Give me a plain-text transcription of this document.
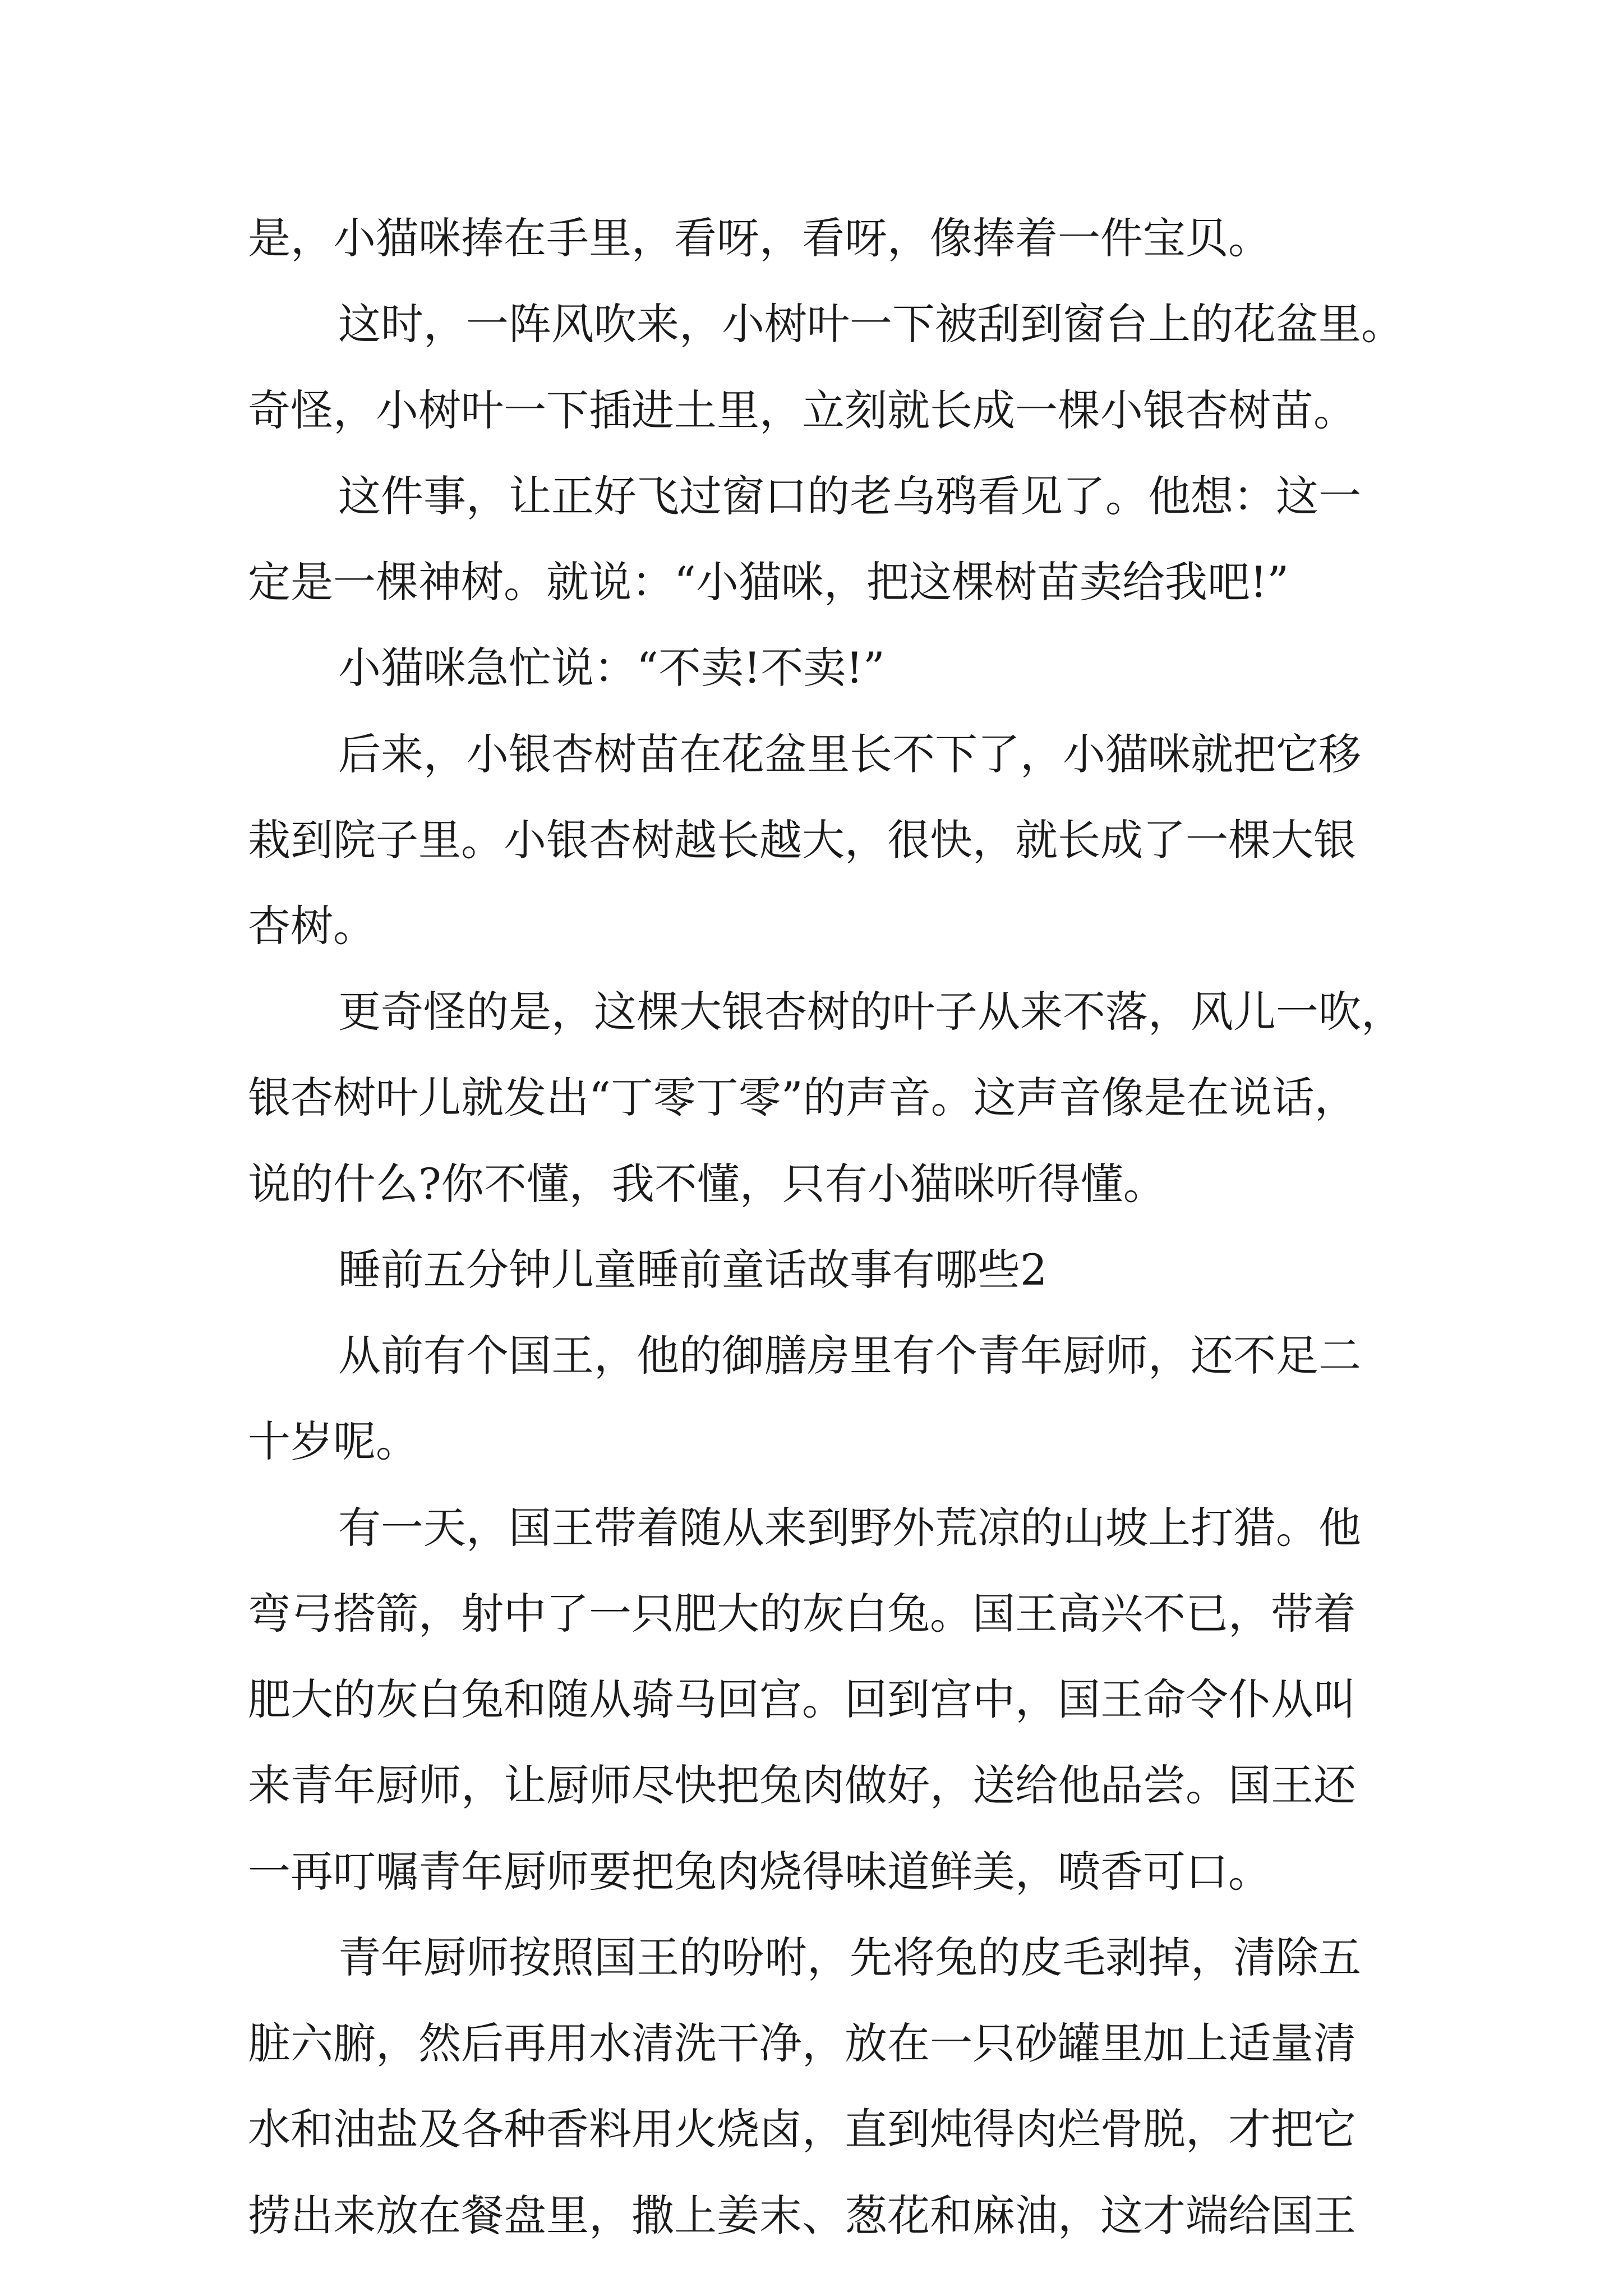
是，小猫咪捧在手里，看呀，看呀，像捧着一件宝贝。
这时，一阵风吹来，小树叶一下被刮到窗台上的花盆里。
奇怪，小树叶一下插进土里，立刻就长成一棵小银杏树苗。
这件事，让正好飞过窗口的老乌鸦看见了。他想：这一
定是一棵神树。就说：“小猫咪，把这棵树苗卖给我吧!”
小猫咪急忙说：“不卖!不卖!”
后来，小银杏树苗在花盆里长不下了，小猫咪就把它移
栽到院子里。小银杏树越长越大，很快，就长成了一棵大银
杏树。
更奇怪的是，这棵大银杏树的叶子从来不落，风儿一吹，
银杏树叶儿就发出“丁零丁零”的声音。这声音像是在说话，
说的什么?你不懂，我不懂，只有小猫咪听得懂。
睡前五分钟儿童睡前童话故事有哪些2
从前有个国王，他的御膳房里有个青年厨师，还不足二
十岁呢。
有一天，国王带着随从来到野外荒凉的山坡上打猎。他
弯弓搭箭，射中了一只肥大的灰白兔。国王高兴不已，带着
肥大的灰白兔和随从骑马回宫。回到宫中，国王命令仆从叫
来青年厨师，让厨师尽快把兔肉做好，送给他品尝。国王还
一再叮嘱青年厨师要把兔肉烧得味道鲜美，喷香可口。
青年厨师按照国王的吩咐，先将兔的皮毛剥掉，清除五
脏六腑，然后再用水清洗干净，放在一只砂罐里加上适量清
水和油盐及各种香料用火烧卤，直到炖得肉烂骨脱，才把它
捞出来放在餐盘里，撒上姜末、葱花和麻油，这才端给国王
